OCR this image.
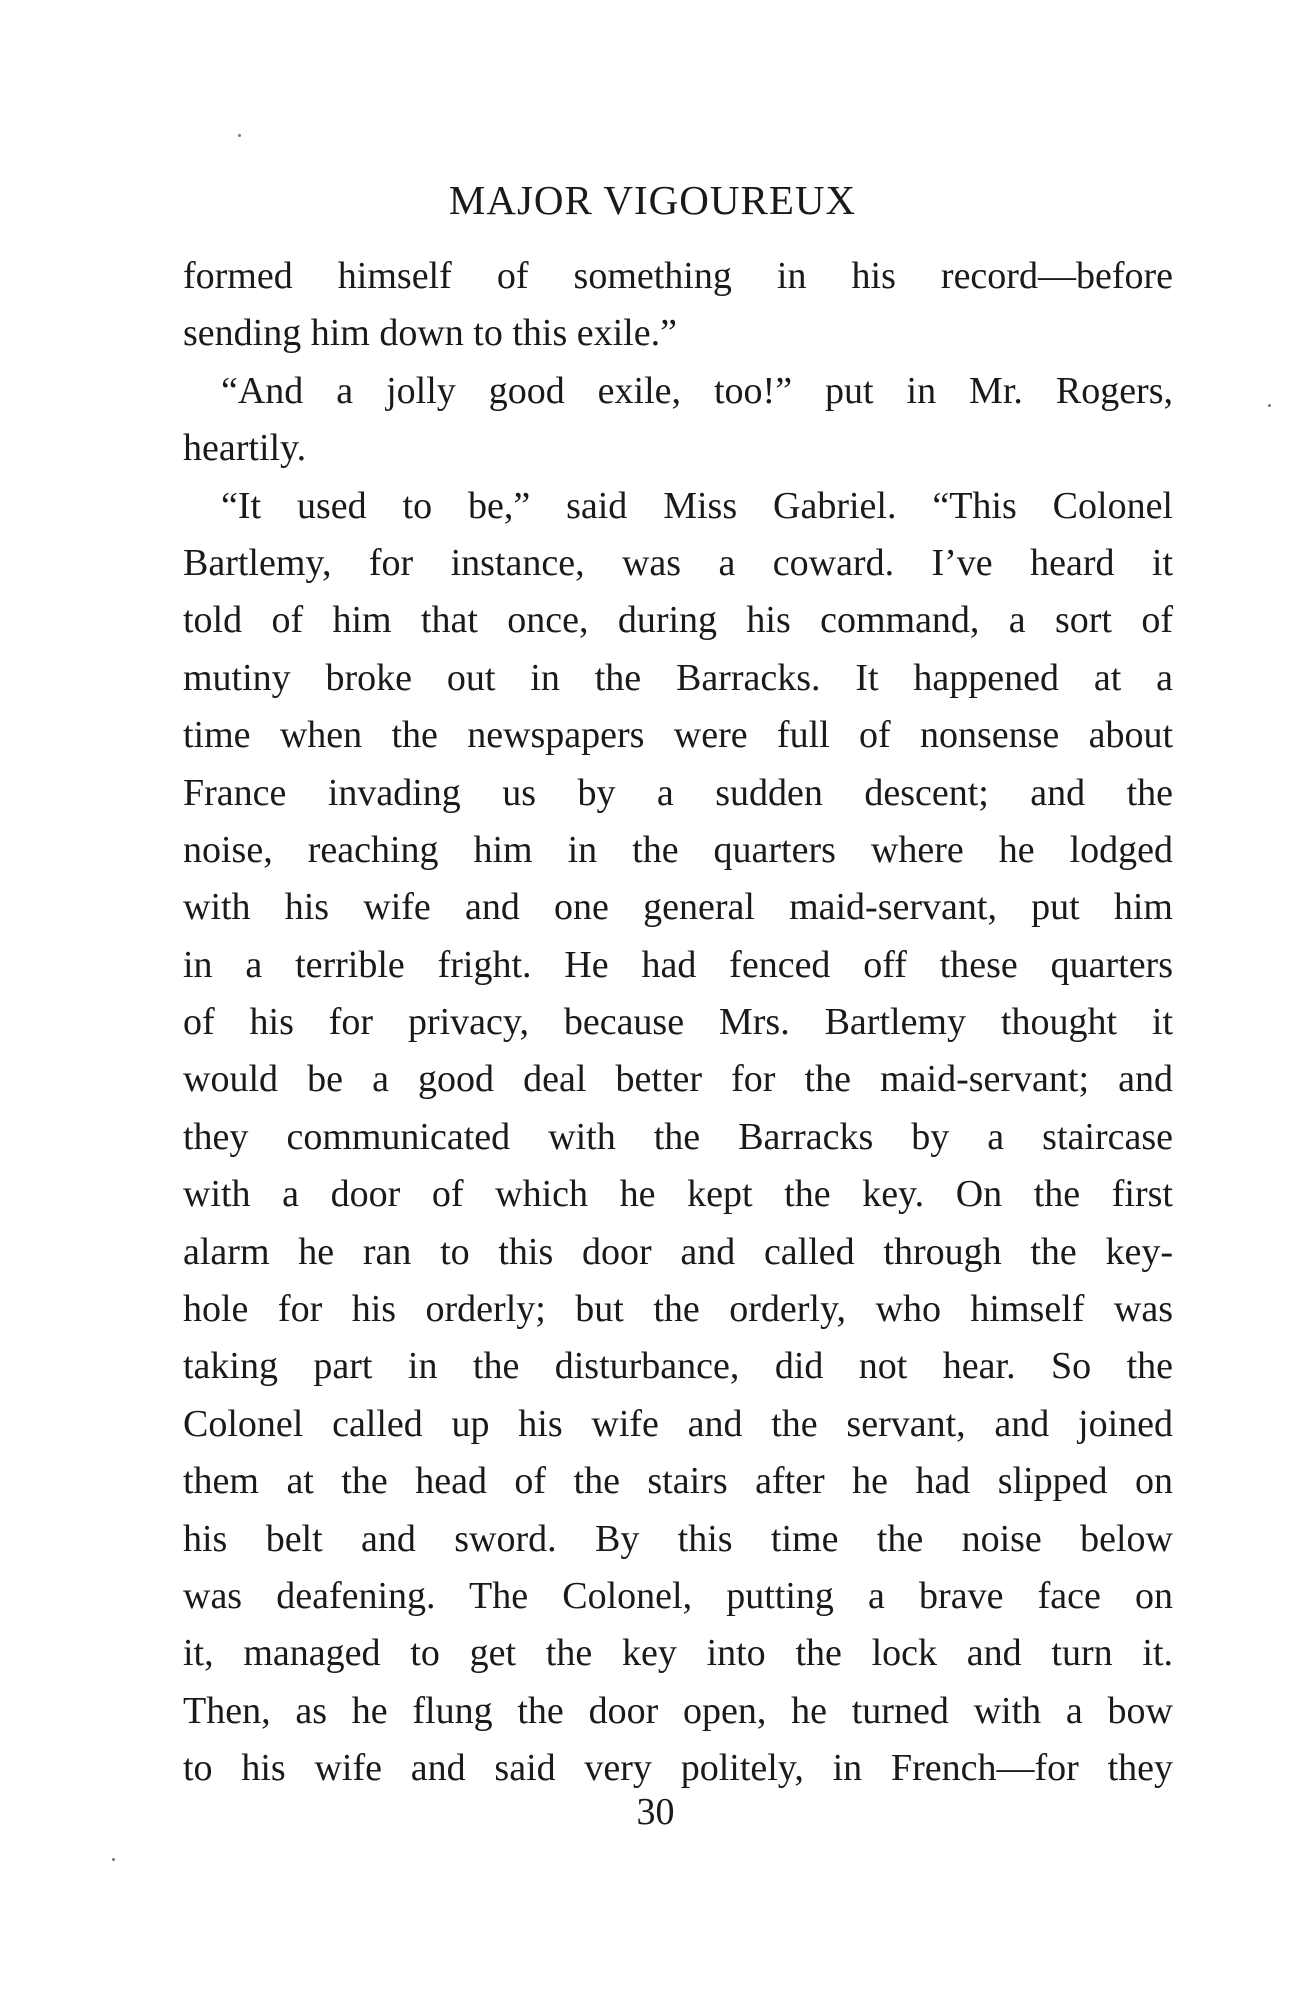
MAJOR VIGOUREUX
formed himself of something in his record—before
sending him down to this exile.”
“And a jolly good exile, too!” put in Mr. Rogers,
heartily.
“It used to be,” said Miss Gabriel. “This Colonel
Bartlemy, for instance, was a coward. I’ve heard it
told of him that once, during his command, a sort of
mutiny broke out in the Barracks. It happened at a
time when the newspapers were full of nonsense about
France invading us by a sudden descent; and the
noise, reaching him in the quarters where he lodged
with his wife and one general maid-servant, put him
in a terrible fright. He had fenced off these quarters
of his for privacy, because Mrs. Bartlemy thought it
would be a good deal better for the maid-servant; and
they communicated with the Barracks by a staircase
with a door of which he kept the key. On the first
alarm he ran to this door and called through the key-
hole for his orderly; but the orderly, who himself was
taking part in the disturbance, did not hear. So the
Colonel called up his wife and the servant, and joined
them at the head of the stairs after he had slipped on
his belt and sword. By this time the noise below
was deafening. The Colonel, putting a brave face on
it, managed to get the key into the lock and turn it.
Then, as he flung the door open, he turned with a bow
to his wife and said very politely, in French—for they
30
